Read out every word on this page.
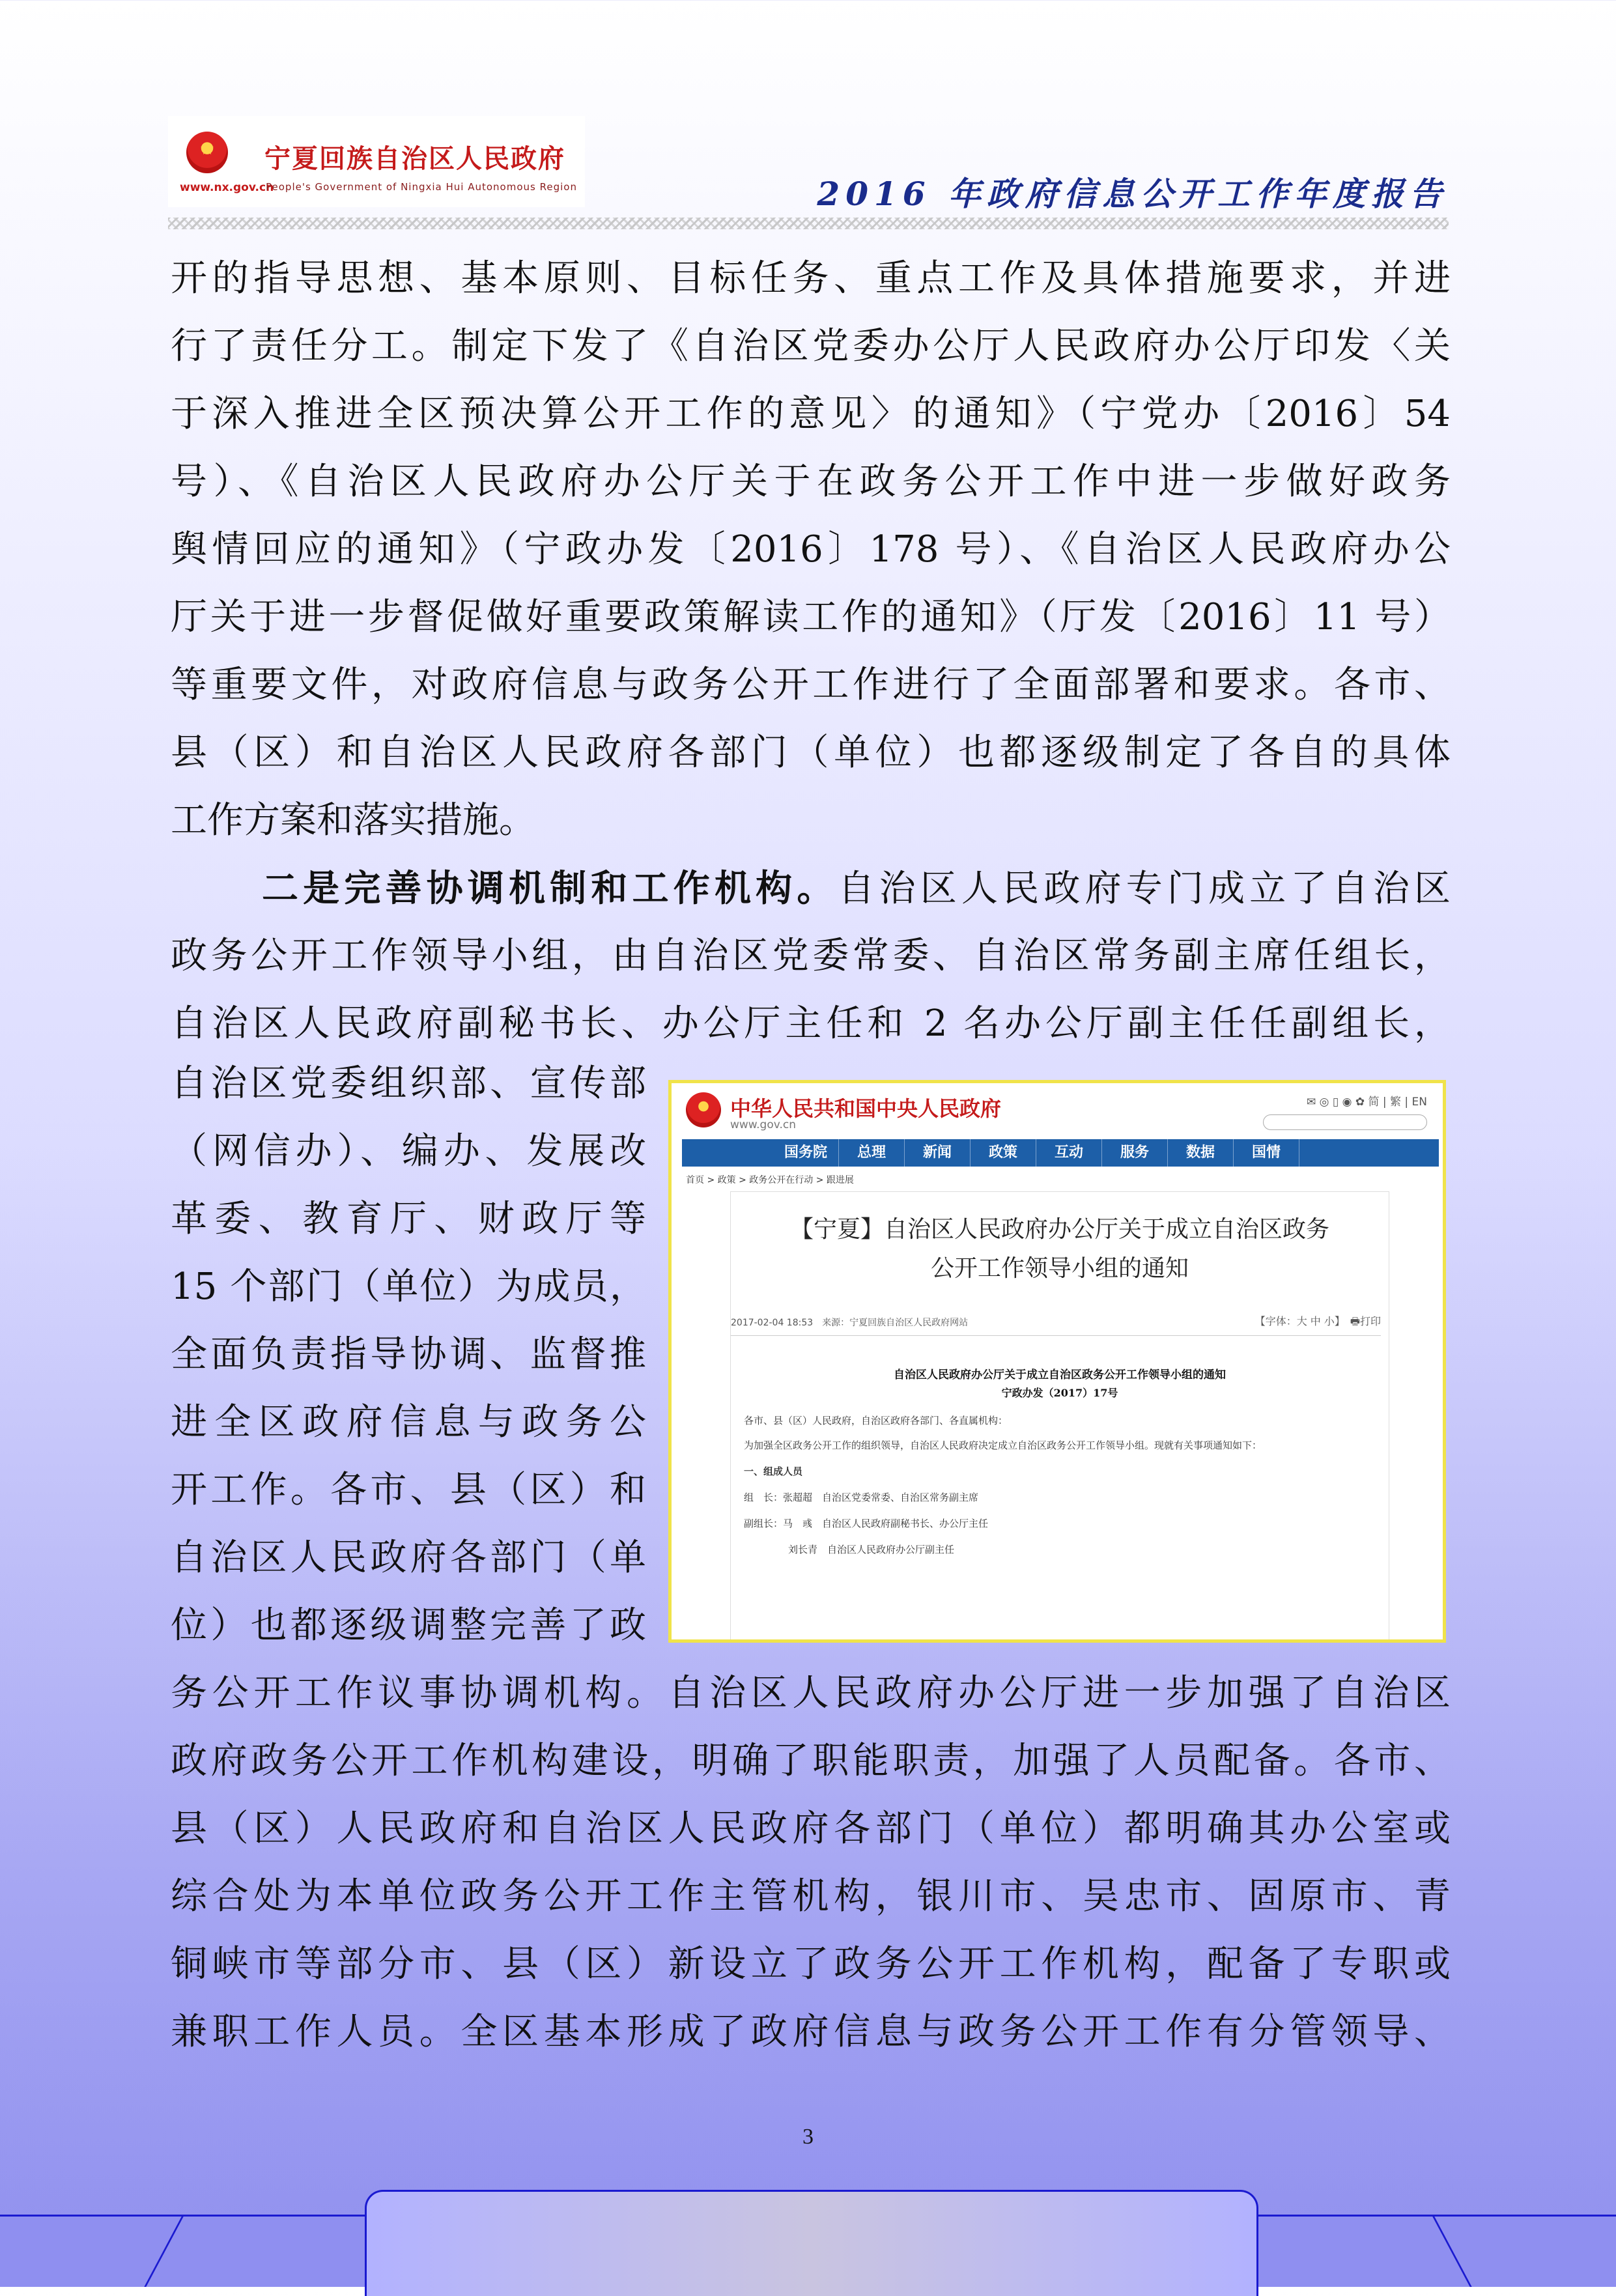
★
宁夏回族自治区人民政府
www.nx.gov.cn
People's Government of Ningxia Hui Autonomous Region	2016 年政府信息公开工作年度报告
开的指导思想、基本原则、目标任务、重点工作及具体措施要求，并进
行了责任分工。制定下发了《自治区党委办公厅人民政府办公厅印发〈关
于深入推进全区预决算公开工作的意见〉的通知》（宁党办〔2016〕54
号）、《自治区人民政府办公厅关于在政务公开工作中进一步做好政务
舆情回应的通知》（宁政办发〔2016〕178 号）、《自治区人民政府办公
厅关于进一步督促做好重要政策解读工作的通知》（厅发〔2016〕11 号）
等重要文件，对政府信息与政务公开工作进行了全面部署和要求。各市、
县（区）和自治区人民政府各部门（单位）也都逐级制定了各自的具体
工作方案和落实措施。
二是完善协调机制和工作机构。自治区人民政府专门成立了自治区
政务公开工作领导小组，由自治区党委常委、自治区常务副主席任组长，
自治区人民政府副秘书长、办公厅主任和 2 名办公厅副主任任副组长，
自治区党委组织部、宣传部
（网信办）、编办、发展改
革委、教育厅、财政厅等
15 个部门（单位）为成员，
全面负责指导协调、监督推
进全区政府信息与政务公
开工作。各市、县（区）和
自治区人民政府各部门（单
位）也都逐级调整完善了政
务公开工作议事协调机构。自治区人民政府办公厅进一步加强了自治区
政府政务公开工作机构建设，明确了职能职责，加强了人员配备。各市、
县（区）人民政府和自治区人民政府各部门（单位）都明确其办公室或
综合处为本单位政务公开工作主管机构，银川市、吴忠市、固原市、青
铜峡市等部分市、县（区）新设立了政务公开工作机构，配备了专职或
兼职工作人员。全区基本形成了政府信息与政务公开工作有分管领导、
中华人民共和国中央人民政府
www.gov.cn
✉ ◎ ▯ ◉ ✿ 简 | 繁 | EN
国务院	总理	新闻	政策	互动	服务	数据	国情
首页 > 政策 > 政务公开在行动 > 跟进展
【宁夏】自治区人民政府办公厅关于成立自治区政务
公开工作领导小组的通知
2017-02-04 18:53　来源：宁夏回族自治区人民政府网站	【字体：大 中 小】　🖶打印
自治区人民政府办公厅关于成立自治区政务公开工作领导小组的通知
宁政办发（2017）17号
各市、县（区）人民政府，自治区政府各部门、各直属机构：
为加强全区政务公开工作的组织领导，自治区人民政府决定成立自治区政务公开工作领导小组。现就有关事项通知如下：
一、组成人员
组　长：张超超　自治区党委常委、自治区常务副主席
副组长：马　彧　自治区人民政府副秘书长、办公厅主任
刘长青　自治区人民政府办公厅副主任
3
